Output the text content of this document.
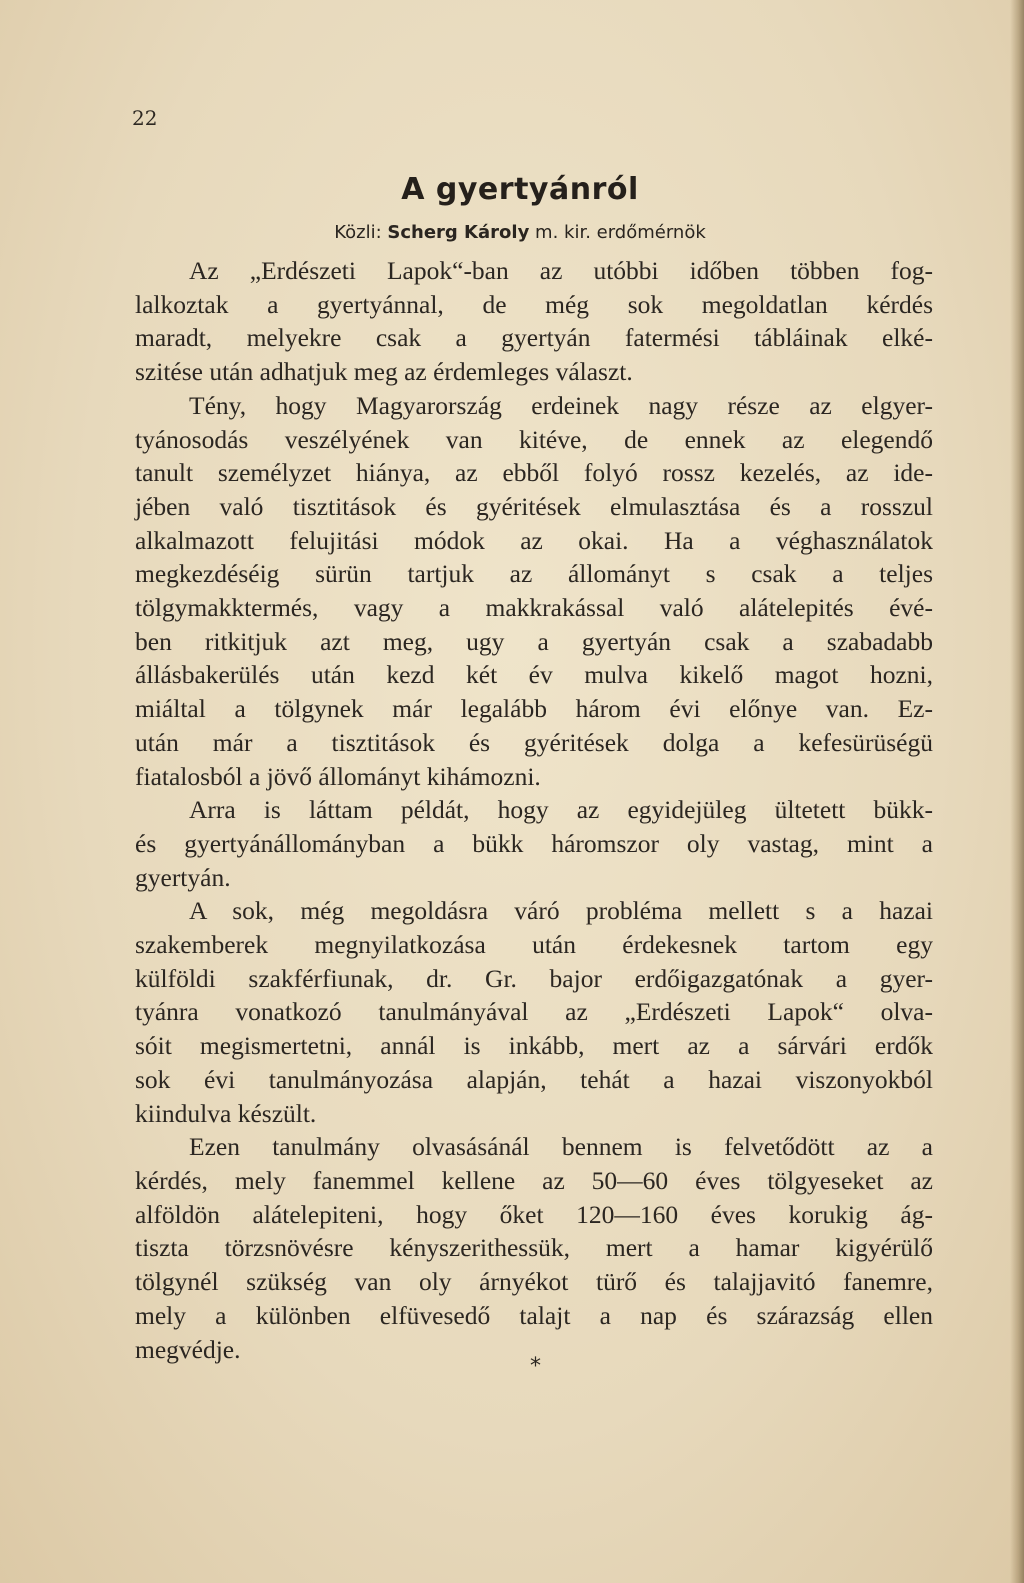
22
A gyertyánról
Közli: Scherg Károly m. kir. erdőmérnök

Az „Erdészeti Lapok“-ban az utóbbi időben többen fog-
lalkoztak a gyertyánnal, de még sok megoldatlan kérdés
maradt, melyekre csak a gyertyán fatermési tábláinak elké-
szitése után adhatjuk meg az érdemleges választ.

Tény, hogy Magyarország erdeinek nagy része az elgyer-
tyánosodás veszélyének van kitéve, de ennek az elegendő
tanult személyzet hiánya, az ebből folyó rossz kezelés, az ide-
jében való tisztitások és gyéritések elmulasztása és a rosszul
alkalmazott felujitási módok az okai. Ha a véghasználatok
megkezdéséig sürün tartjuk az állományt s csak a teljes
tölgymakktermés, vagy a makkrakással való alátelepités évé-
ben ritkitjuk azt meg, ugy a gyertyán csak a szabadabb
állásbakerülés után kezd két év mulva kikelő magot hozni,
miáltal a tölgynek már legalább három évi előnye van. Ez-
után már a tisztitások és gyéritések dolga a kefesürüségü
fiatalosból a jövő állományt kihámozni.

Arra is láttam példát, hogy az egyidejüleg ültetett bükk-
és gyertyánállományban a bükk háromszor oly vastag, mint a
gyertyán.

A sok, még megoldásra váró probléma mellett s a hazai
szakemberek megnyilatkozása után érdekesnek tartom egy
külföldi szakférfiunak, dr. Gr. bajor erdőigazgatónak a gyer-
tyánra vonatkozó tanulmányával az „Erdészeti Lapok“ olva-
sóit megismertetni, annál is inkább, mert az a sárvári erdők
sok évi tanulmányozása alapján, tehát a hazai viszonyokból
kiindulva készült.

Ezen tanulmány olvasásánál bennem is felvetődött az a
kérdés, mely fanemmel kellene az 50—60 éves tölgyeseket az
alföldön alátelepiteni, hogy őket 120—160 éves korukig ág-
tiszta törzsnövésre kényszerithessük, mert a hamar kigyérülő
tölgynél szükség van oly árnyékot türő és talajjavitó fanemre,
mely a különben elfüvesedő talajt a nap és szárazság ellen
megvédje.

*
